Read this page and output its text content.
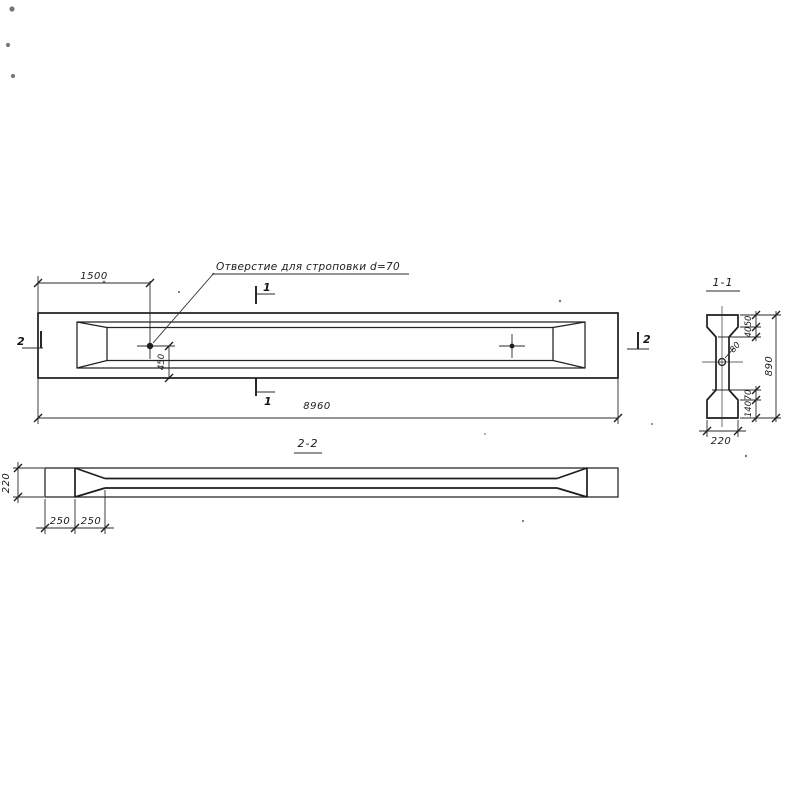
Отверстие для строповки d=70
1500
450
8960
1
1
2	2
1-1
80
50
40
70
140
890
220
2-2
220
250 250
